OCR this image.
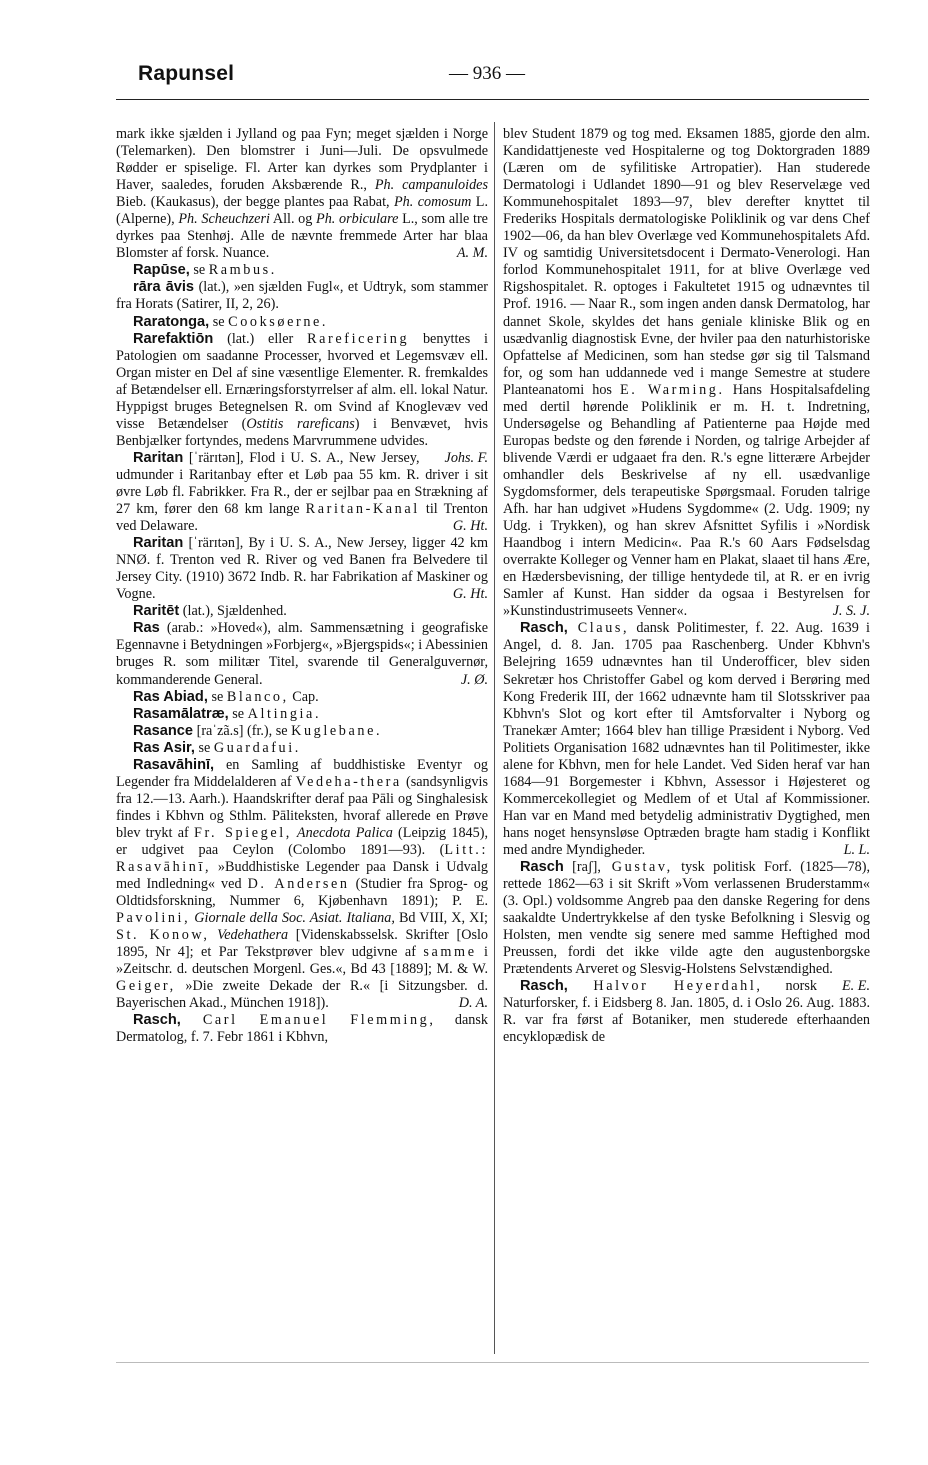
Rapunsel	— 936 —

mark ikke sjælden i Jylland og paa Fyn; meget sjælden i Norge (Telemarken). Den blomstrer i Juni—Juli. De opsvulmede Rødder er spiselige. Fl. Arter kan dyrkes som Prydplanter i Haver, saaledes, foruden Aksbærende R., Ph. campanuloides Bieb. (Kaukasus), der begge plantes paa Rabat, Ph. comosum L. (Alperne), Ph. Scheuchzeri All. og Ph. orbiculare L., som alle tre dyrkes paa Stenhøj. Alle de nævnte fremmede Arter har blaa Blomster af forsk. Nuance.	A. M.

Rapūse, se Rambus.

rāra āvis (lat.), »en sjælden Fugl«, et Udtryk, som stammer fra Horats (Satirer, II, 2, 26).

Raratonga, se Cooksøerne.

Rarefaktiōn (lat.) eller Rareficering benyttes i Patologien om saadanne Processer, hvorved et Legemsvæv ell. Organ mister en Del af sine væsentlige Elementer. R. fremkaldes af Betændelser ell. Ernæringsforstyrrelser af alm. ell. lokal Natur. Hyppigst bruges Betegnelsen R. om Svind af Knoglevæv ved visse Betændelser (Ostitis rareficans) i Benvævet, hvis Benbjælker fortyndes, medens Marvrummene udvides.
Johs. F.

Raritan [ˈrärɪtən], Flod i U. S. A., New Jersey, udmunder i Raritanbay efter et Løb paa 55 km. R. driver i sit øvre Løb fl. Fabrikker. Fra R., der er sejlbar paa en Strækning af 27 km, fører den 68 km lange Raritan-Kanal til Trenton ved Delaware.	G. Ht.

Raritan [ˈrärɪtən], By i U. S. A., New Jersey, ligger 42 km NNØ. f. Trenton ved R. River og ved Banen fra Belvedere til Jersey City. (1910) 3672 Indb. R. har Fabrikation af Maskiner og Vogne.	G. Ht.

Raritēt (lat.), Sjældenhed.

Ras (arab.: »Hoved«), alm. Sammensætning i geografiske Egennavne i Betydningen »Forbjerg«, »Bjergspids«; i Abessinien bruges R. som militær Titel, svarende til Generalguvernør, kommanderende General.	J. Ø.

Ras Abiad, se Blanco, Cap.

Rasamālatræ, se Altingia.

Rasance [raˈzã.s] (fr.), se Kuglebane.

Ras Asir, se Guardafui.

Rasavāhinī, en Samling af buddhistiske Eventyr og Legender fra Middelalderen af Vedeha-thera (sandsynligvis fra 12.—13. Aarh.). Haandskrifter deraf paa Pāli og Singhalesisk findes i Kbhvn og Sthlm. Pāliteksten, hvoraf allerede en Prøve blev trykt af Fr. Spiegel, Anecdota Palica (Leipzig 1845), er udgivet paa Ceylon (Colombo 1891—93). (Litt.: Rasavāhinī, »Buddhistiske Legender paa Dansk i Udvalg med Indledning« ved D. Andersen (Studier fra Sprog- og Oldtidsforskning, Nummer 6, Kjøbenhavn 1891); P. E. Pavolini, Giornale della Soc. Asiat. Italiana, Bd VIII, X, XI; St. Konow, Vedehathera [Videnskabsselsk. Skrifter [Oslo 1895, Nr 4]; et Par Tekstprøver blev udgivne af samme i »Zeitschr. d. deutschen Morgenl. Ges.«, Bd 43 [1889]; M. & W. Geiger, »Die zweite Dekade der R.« [i Sitzungsber. d. Bayerischen Akad., München 1918]).	D. A.

Rasch, Carl Emanuel Flemming, dansk Dermatolog, f. 7. Febr 1861 i Kbhvn,

blev Student 1879 og tog med. Eksamen 1885, gjorde den alm. Kandidattjeneste ved Hospitalerne og tog Doktorgraden 1889 (Læren om de syfilitiske Artropatier). Han studerede Dermatologi i Udlandet 1890—91 og blev Reservelæge ved Kommunehospitalet 1893—97, blev derefter knyttet til Frederiks Hospitals dermatologiske Poliklinik og var dens Chef 1902—06, da han blev Overlæge ved Kommunehospitalets Afd. IV og samtidig Universitetsdocent i Dermato-Venerologi. Han forlod Kommunehospitalet 1911, for at blive Overlæge ved Rigshospitalet. R. optoges i Fakultetet 1915 og udnævntes til Prof. 1916. — Naar R., som ingen anden dansk Dermatolog, har dannet Skole, skyldes det hans geniale kliniske Blik og en usædvanlig diagnostisk Evne, der hviler paa den naturhistoriske Opfattelse af Medicinen, som han stedse gør sig til Talsmand for, og som han uddannede ved i mange Semestre at studere Planteanatomi hos E. Warming. Hans Hospitalsafdeling med dertil hørende Poliklinik er m. H. t. Indretning, Undersøgelse og Behandling af Patienterne paa Højde med Europas bedste og den førende i Norden, og talrige Arbejder af blivende Værdi er udgaaet fra den. R.'s egne litterære Arbejder omhandler dels Beskrivelse af ny ell. usædvanlige Sygdomsformer, dels terapeutiske Spørgsmaal. Foruden talrige Afh. har han udgivet »Hudens Sygdomme« (2. Udg. 1909; ny Udg. i Trykken), og han skrev Afsnittet Syfilis i »Nordisk Haandbog i intern Medicin«. Paa R.'s 60 Aars Fødselsdag overrakte Kolleger og Venner ham en Plakat, slaaet til hans Ære, en Hædersbevisning, der tillige hentydede til, at R. er en ivrig Samler af Kunst. Han sidder da ogsaa i Bestyrelsen for »Kunstindustrimuseets Venner«.	J. S. J.

Rasch, Claus, dansk Politimester, f. 22. Aug. 1639 i Angel, d. 8. Jan. 1705 paa Raschenberg. Under Kbhvn's Belejring 1659 udnævntes han til Underofficer, blev siden Sekretær hos Christoffer Gabel og kom derved i Berøring med Kong Frederik III, der 1662 udnævnte ham til Slotsskriver paa Kbhvn's Slot og kort efter til Amtsforvalter i Nyborg og Tranekær Amter; 1664 blev han tillige Præsident i Nyborg. Ved Politiets Organisation 1682 udnævntes han til Politimester, ikke alene for Kbhvn, men for hele Landet. Ved Siden heraf var han 1684—91 Borgemester i Kbhvn, Assessor i Højesteret og Kommercekollegiet og Medlem of et Utal af Kommissioner. Han var en Mand med betydelig administrativ Dygtighed, men hans noget hensynsløse Optræden bragte ham stadig i Konflikt med andre Myndigheder.	L. L.

Rasch [raʃ], Gustav, tysk politisk Forf. (1825—78), rettede 1862—63 i sit Skrift »Vom verlassenen Bruderstamm« (3. Opl.) voldsomme Angreb paa den danske Regering for dens saakaldte Undertrykkelse af den tyske Befolkning i Slesvig og Holsten, men vendte sig senere med samme Heftighed mod Preussen, fordi det ikke vilde agte den augustenborgske Prætendents Arveret og Slesvig-Holstens Selvstændighed.
E. E.

Rasch, Halvor Heyerdahl, norsk Naturforsker, f. i Eidsberg 8. Jan. 1805, d. i Oslo 26. Aug. 1883. R. var fra først af Botaniker, men studerede efterhaanden encyklopædisk de
